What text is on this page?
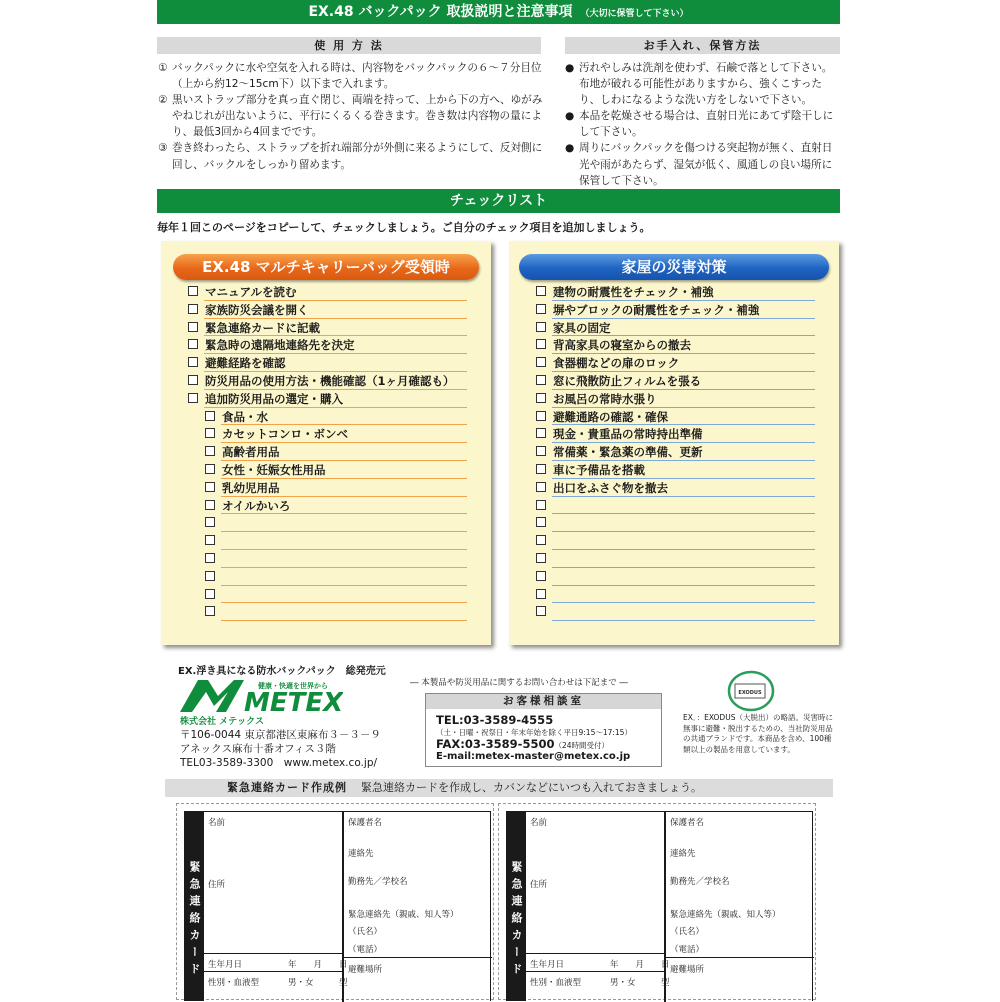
EX.48 バックパック 取扱説明と注意事項 （大切に保管して下さい）
使 用 方 法
① バックパックに水や空気を入れる時は、内容物をバックパックの６〜７分目位（上から約12〜15cm下）以下まで入れます。
② 黒いストラップ部分を真っ直ぐ閉じ、両端を持って、上から下の方へ、ゆがみやねじれが出ないように、平行にくるくる巻きます。巻き数は内容物の量により、最低3回から4回までです。
③ 巻き終わったら、ストラップを折れ端部分が外側に来るようにして、反対側に回し、バックルをしっかり留めます。
お手入れ、保管方法
● 汚れやしみは洗剤を使わず、石鹸で落として下さい。布地が破れる可能性がありますから、強くこすったり、しわになるような洗い方をしないで下さい。
● 本品を乾燥させる場合は、直射日光にあてず陰干しにして下さい。
● 周りにバックパックを傷つける突起物が無く、直射日光や雨があたらず、湿気が低く、風通しの良い場所に保管して下さい。
チェックリスト
毎年１回このページをコピーして、チェックしましょう。ご自分のチェック項目を追加しましょう。
EX.48 マルチキャリーバッグ受領時
マニュアルを読む
家族防災会議を開く
緊急連絡カードに記載
緊急時の遠隔地連絡先を決定
避難経路を確認
防災用品の使用方法・機能確認（1ヶ月確認も）
追加防災用品の選定・購入
食品・水
カセットコンロ・ボンベ
高齢者用品
女性・妊娠女性用品
乳幼児用品
オイルかいろ
家屋の災害対策
建物の耐震性をチェック・補強
塀やブロックの耐震性をチェック・補強
家具の固定
背高家具の寝室からの撤去
食器棚などの扉のロック
窓に飛散防止フィルムを張る
お風呂の常時水張り
避難通路の確認・確保
現金・貴重品の常時持出準備
常備薬・緊急薬の準備、更新
車に予備品を搭載
出口をふさぐ物を撤去
EX.浮き具になる防水バックパック　総発売元
METEX
健康・快適を世界から
株式会社 メテックス
〒106-0044 東京都港区東麻布３－３－９
アネックス麻布十番オフィス３階
TEL03-3589-3300　www.metex.co.jp/
― 本製品や防災用品に関するお問い合わせは下記まで ―
お客様相談室
TEL:03-3589-4555
（土・日曜・祝祭日・年末年始を除く平日9:15〜17:15）
FAX:03-3589-5500（24時間受付）
E-mail:metex-master@metex.co.jp
EXODUS
EX．：EXODUS（大脱出）の略語。災害時に無事に避難・脱出するための、当社防災用品の共通ブランドです。本商品を含め、100種類以上の製品を用意しています。
緊急連絡カード作成例 緊急連絡カードを作成し、カバンなどにいつも入れておきましょう。
緊急連絡カード
名前
住所
生年月日	年　　月　　日
性別・血液型	男・女　　　型
保護者名
連絡先
勤務先／学校名
緊急連絡先（親戚、知人等）
（氏名）
（電話）
避難場所	緊急連絡カード
名前
住所
生年月日	年　　月　　日
性別・血液型	男・女　　　型
保護者名
連絡先
勤務先／学校名
緊急連絡先（親戚、知人等）
（氏名）
（電話）
避難場所
